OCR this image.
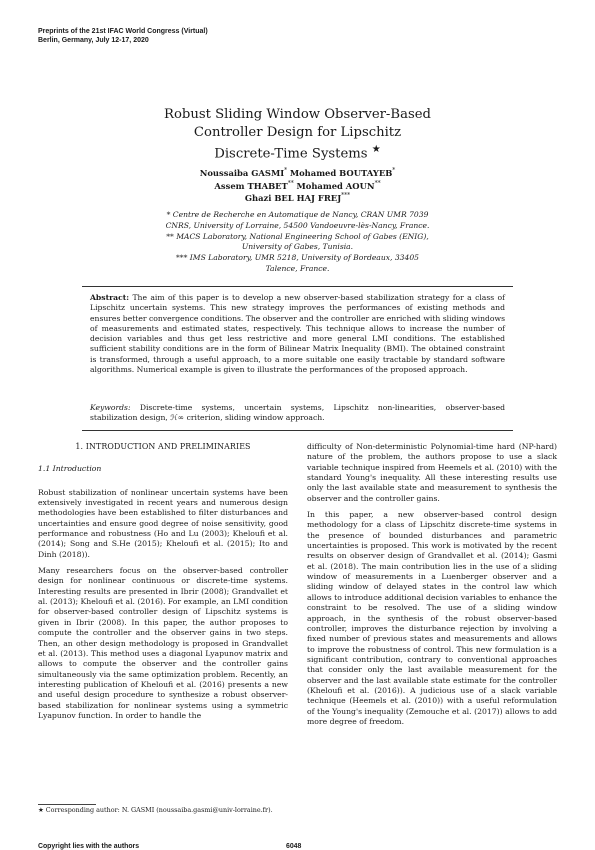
Preprints of the 21st IFAC World Congress (Virtual)
Berlin, Germany, July 12-17, 2020
Robust Sliding Window Observer-Based
Controller Design for Lipschitz
Discrete-Time Systems ★
Noussaiba GASMI* Mohamed BOUTAYEB*
Assem THABET** Mohamed AOUN**
Ghazi BEL HAJ FREJ***
* Centre de Recherche en Automatique de Nancy, CRAN UMR 7039
CNRS, University of Lorraine, 54500 Vandoeuvre-lès-Nancy, France.
** MACS Laboratory, National Engineering School of Gabes (ENIG),
University of Gabes, Tunisia.
*** IMS Laboratory, UMR 5218, University of Bordeaux, 33405
Talence, France.
Abstract: The aim of this paper is to develop a new observer-based stabilization strategy for a class of Lipschitz uncertain systems. This new strategy improves the performances of existing methods and ensures better convergence conditions. The observer and the controller are enriched with sliding windows of measurements and estimated states, respectively. This technique allows to increase the number of decision variables and thus get less restrictive and more general LMI conditions. The established sufficient stability conditions are in the form of Bilinear Matrix Inequality (BMI). The obtained constraint is transformed, through a useful approach, to a more suitable one easily tractable by standard software algorithms. Numerical example is given to illustrate the performances of the proposed approach.
Keywords: Discrete-time systems, uncertain systems, Lipschitz non-linearities, observer-based stabilization design, ℋ∞ criterion, sliding window approach.
1. INTRODUCTION AND PRELIMINARIES
1.1 Introduction

Robust stabilization of nonlinear uncertain systems have been extensively investigated in recent years and numerous design methodologies have been established to filter disturbances and uncertainties and ensure good degree of noise sensitivity, good performance and robustness (Ho and Lu (2003); Kheloufi et al. (2014); Song and S.He (2015); Kheloufi et al. (2015); Ito and Dinh (2018)).

Many researchers focus on the observer-based controller design for nonlinear continuous or discrete-time systems. Interesting results are presented in Ibrir (2008); Grandvallet et al. (2013); Kheloufi et al. (2016). For example, an LMI condition for observer-based controller design of Lipschitz systems is given in Ibrir (2008). In this paper, the author proposes to compute the controller and the observer gains in two steps. Then, an other design methodology is proposed in Grandvallet et al. (2013). This method uses a diagonal Lyapunov matrix and allows to compute the observer and the controller gains simultaneously via the same optimization problem. Recently, an interesting publication of Kheloufi et al. (2016) presents a new and useful design procedure to synthesize a robust observer-based stabilization for nonlinear systems using a symmetric Lyapunov function. In order to handle the

difficulty of Non-deterministic Polynomial-time hard (NP-hard) nature of the problem, the authors propose to use a slack variable technique inspired from Heemels et al. (2010) with the standard Young's inequality. All these interesting results use only the last available state and measurement to synthesis the observer and the controller gains.

In this paper, a new observer-based control design methodology for a class of Lipschitz discrete-time systems in the presence of bounded disturbances and parametric uncertainties is proposed. This work is motivated by the recent results on observer design of Grandvallet et al. (2014); Gasmi et al. (2018). The main contribution lies in the use of a sliding window of measurements in a Luenberger observer and a sliding window of delayed states in the control law which allows to introduce additional decision variables to enhance the constraint to be resolved. The use of a sliding window approach, in the synthesis of the robust observer-based controller, improves the disturbance rejection by involving a fixed number of previous states and measurements and allows to improve the robustness of control. This new formulation is a significant contribution, contrary to conventional approaches that consider only the last available measurement for the observer and the last available state estimate for the controller (Kheloufi et al. (2016)). A judicious use of a slack variable technique (Heemels et al. (2010)) with a useful reformulation of the Young's inequality (Zemouche et al. (2017)) allows to add more degree of freedom.

★ Corresponding author: N. GASMI (noussaiba.gasmi@univ-lorraine.fr).
Copyright lies with the authors	6048
